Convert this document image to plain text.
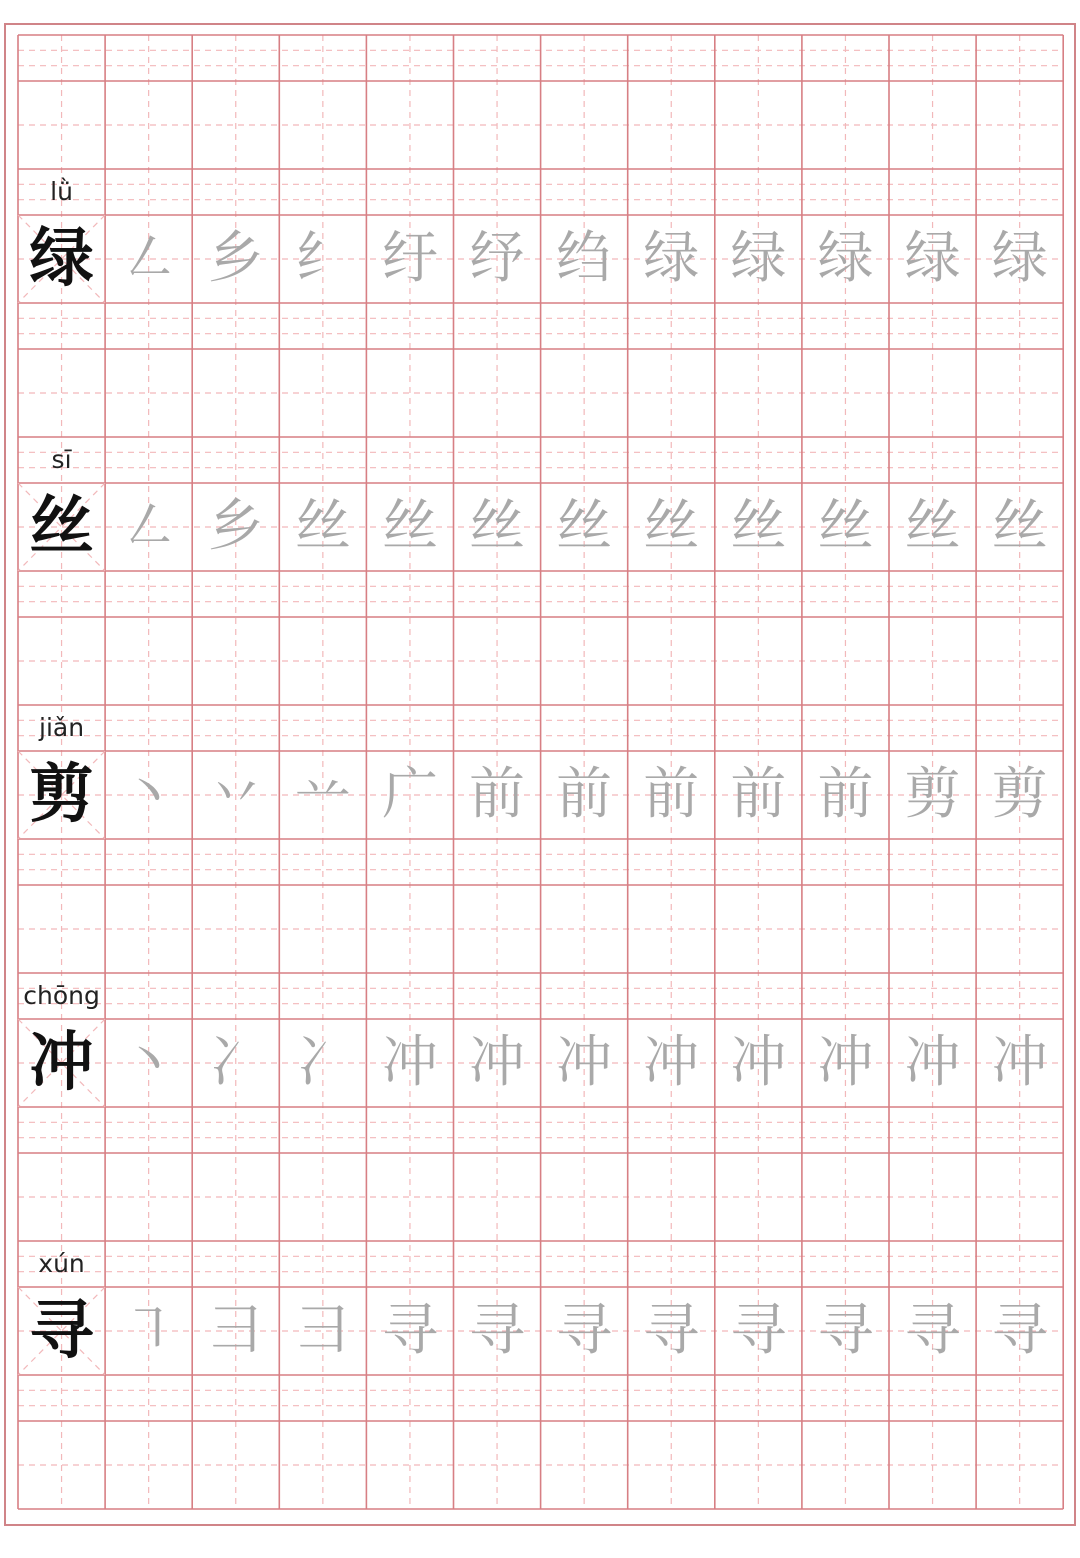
lǜ
绿 ㇜ 乡 纟 纡 纾 绉 绿 绿 绿 绿 绿
sī
丝 ㇜ 乡 丝 丝 丝 丝 丝 丝 丝 丝 丝
jiǎn
剪 丶 丷 䒑 广 前 前 前 前 前 剪 剪
chōng
冲 丶 冫 冫 冲 冲 冲 冲 冲 冲 冲 冲
xún
寻 ㇕ 彐 彐 寻 寻 寻 寻 寻 寻 寻 寻
